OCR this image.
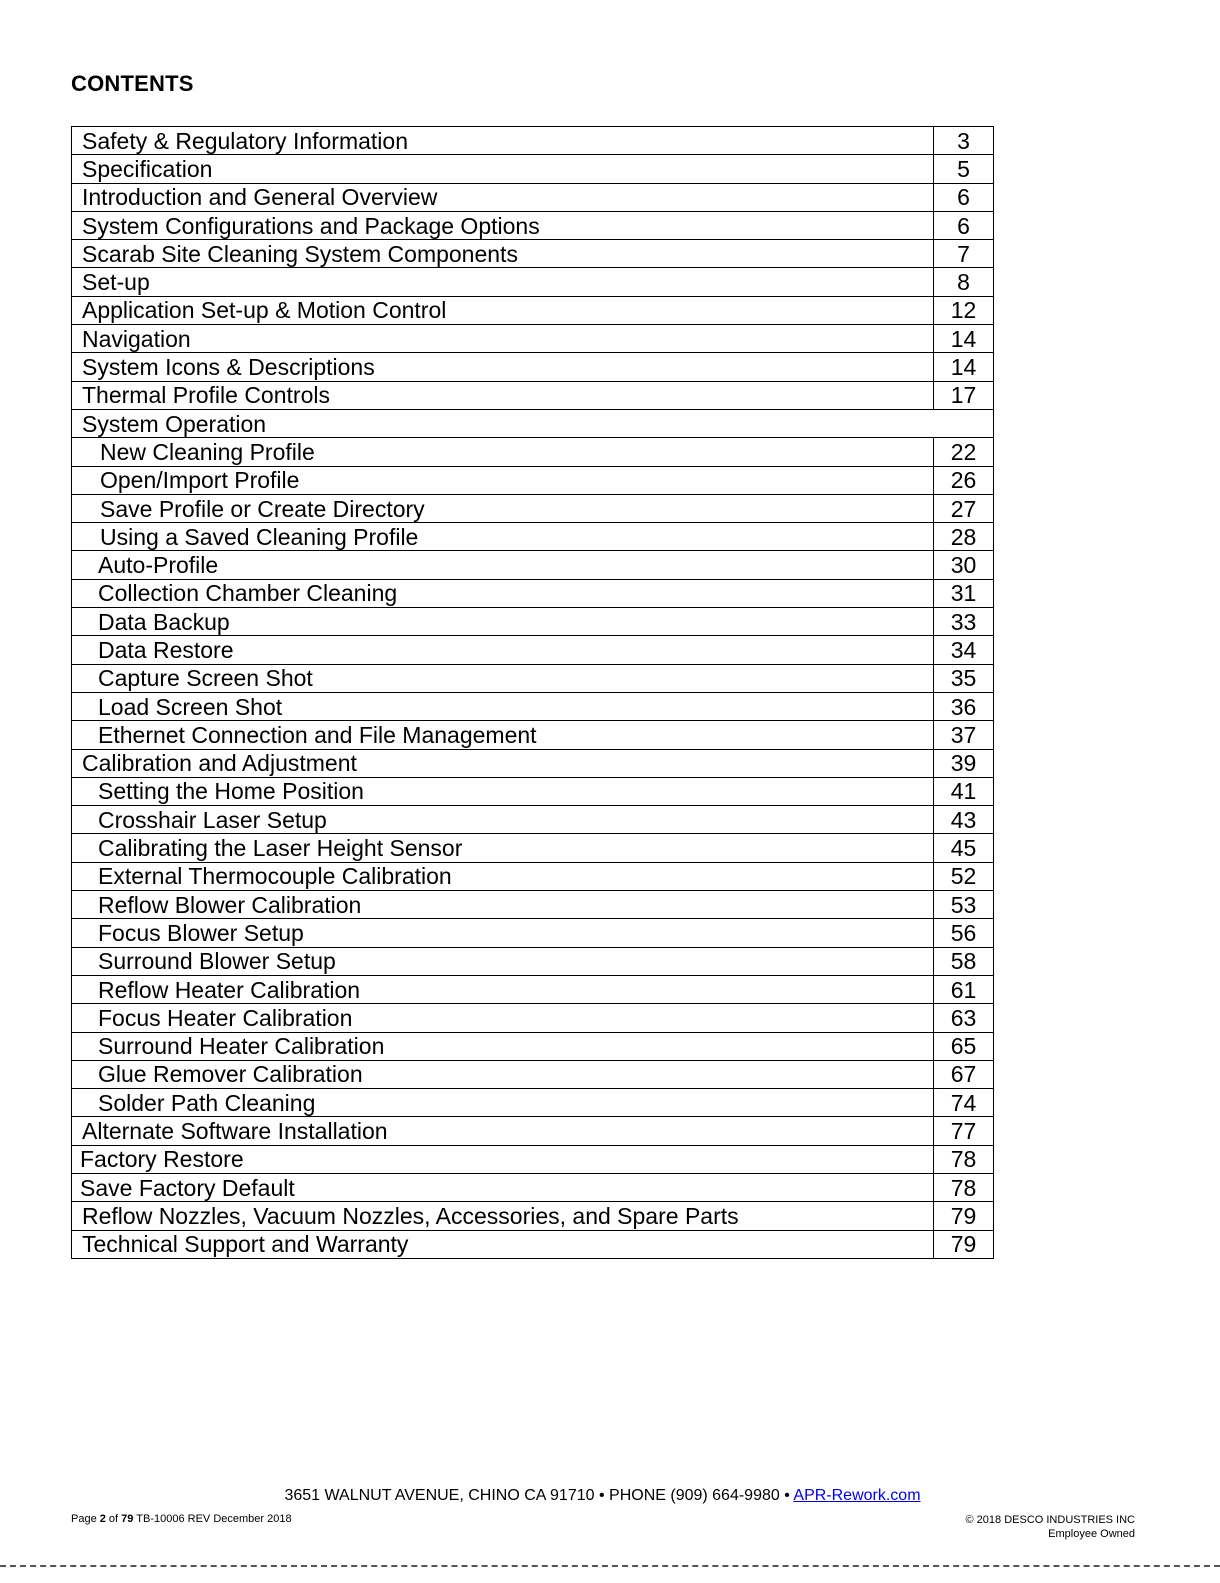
CONTENTS
Safety & Regulatory Information	3
Specification	5
Introduction and General Overview	6
System Configurations and Package Options	6
Scarab Site Cleaning System Components	7
Set-up	8
Application Set-up & Motion Control	12
Navigation	14
System Icons & Descriptions	14
Thermal Profile Controls	17
System Operation	
New Cleaning Profile	22
Open/Import Profile	26
Save Profile or Create Directory	27
Using a Saved Cleaning Profile	28
Auto-Profile	30
Collection Chamber Cleaning	31
Data Backup	33
Data Restore	34
Capture Screen Shot	35
Load Screen Shot	36
Ethernet Connection and File Management	37
Calibration and Adjustment	39
Setting the Home Position	41
Crosshair Laser Setup	43
Calibrating the Laser Height Sensor	45
External Thermocouple Calibration	52
Reflow Blower Calibration	53
Focus Blower Setup	56
Surround Blower Setup	58
Reflow Heater Calibration	61
Focus Heater Calibration	63
Surround Heater Calibration	65
Glue Remover Calibration	67
Solder Path Cleaning	74
Alternate Software Installation	77
Factory Restore	78
Save Factory Default	78
Reflow Nozzles, Vacuum Nozzles, Accessories, and Spare Parts	79
Technical Support and Warranty	79
3651 WALNUT AVENUE, CHINO CA 91710 • PHONE (909) 664-9980 • APR-Rework.com
Page 2 of 79 TB-10006 REV December 2018	© 2018 DESCO INDUSTRIES INC
Employee Owned
